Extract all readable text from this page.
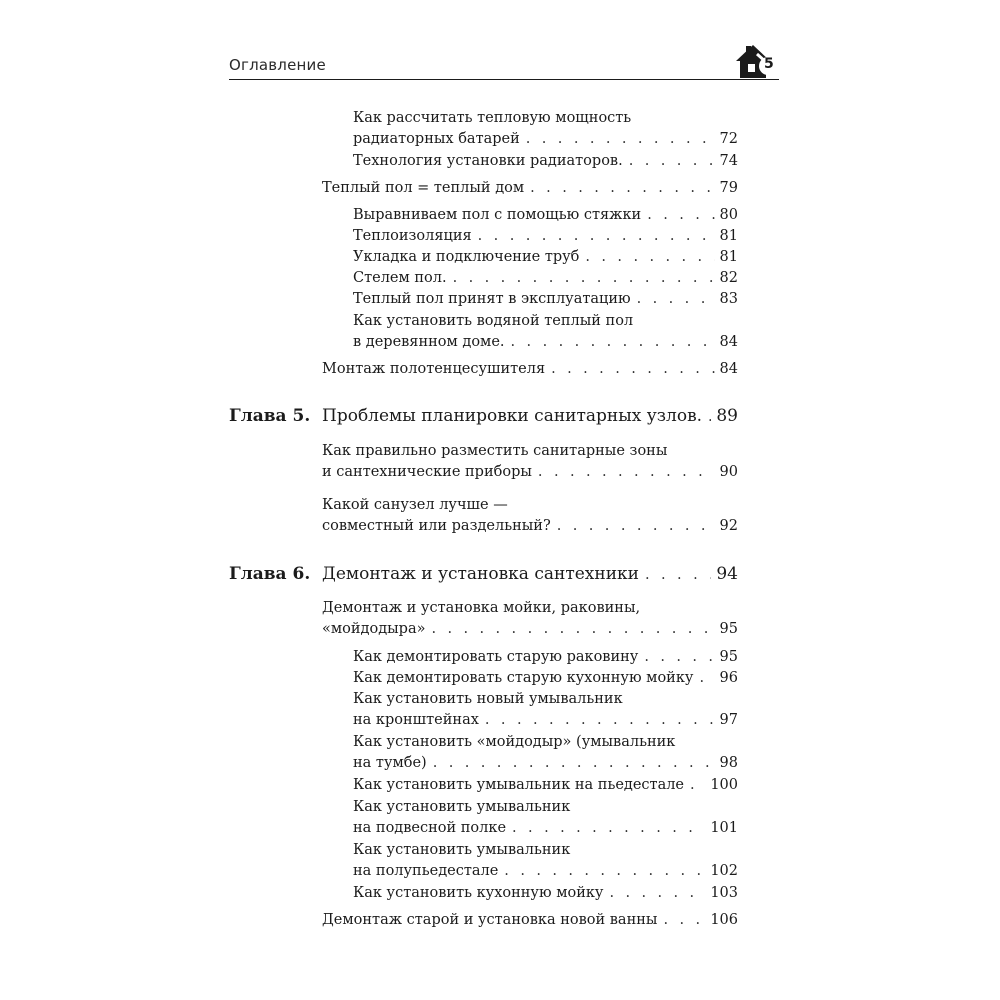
Оглавление	5
Как рассчитать тепловую мощность
радиаторных батарей . . .	72
Технология установки радиаторов. . . .	74
Теплый пол = теплый дом . . .	79
Выравниваем пол с помощью стяжки . . .	80
Теплоизоляция . . .	81
Укладка и подключение труб . . .	81
Стелем пол. . . .	82
Теплый пол принят в эксплуатацию . . .	83
Как установить водяной теплый пол
в деревянном доме. . . .	84
Монтаж полотенцесушителя . . .	84
Глава 5. Проблемы планировки санитарных узлов. . . . 89
Как правильно разместить санитарные зоны
и сантехнические приборы . . .	90
Какой санузел лучше —
совместный или раздельный? . . .	92
Глава 6. Демонтаж и установка сантехники . . .	94
Демонтаж и установка мойки, раковины,
«мойдодыра» . . .	95
Как демонтировать старую раковину . . .	95
Как демонтировать старую кухонную мойку . . . 96
Как установить новый умывальник
на кронштейнах . . .	97
Как установить «мойдодыр» (умывальник
на тумбе) . . .	98
Как установить умывальник на пьедестале . . . 100
Как установить умывальник
на подвесной полке . . .	101
Как установить умывальник
на полупьедестале . . .	102
Как установить кухонную мойку . . .	103
Демонтаж старой и установка новой ванны . . .	106
